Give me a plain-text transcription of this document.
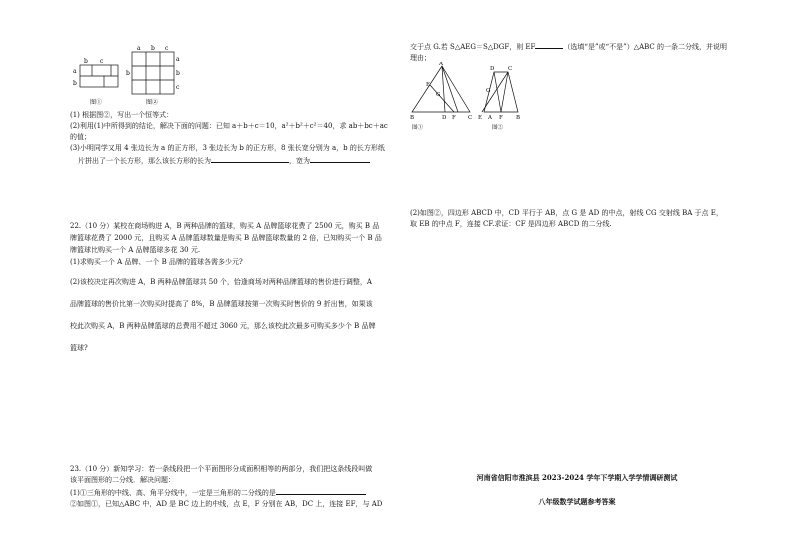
a
b c
b
图①
a b c
a
b
c
b
图②

(1) 根据图②，写出一个恒等式：

(2)利用(1)中所得到的结论，解决下面的问题：已知 a＋b＋c＝10，a²＋b²＋c²＝40，求 ab＋bc＋ac

的值；

(3)小明同学又用 4 张边长为 a 的正方形，3 张边长为 b 的正方形，8 张长宽分别为 a，b 的长方形纸

片拼出了一个长方形，那么该长方形的长为	，宽为

22.（10 分）某校在商场购进 A，B 两种品牌的篮球，购买 A 品牌篮球花费了 2500 元，购买 B 品

牌篮球花费了 2000 元，且购买 A 品牌篮球数量是购买 B 品牌篮球数量的 2 倍，已知购买一个 B 品

牌篮球比购买一个 A 品牌篮球多花 30 元.

(1)求购买一个 A 品牌、一个 B 品牌的篮球各需多少元?

(2)该校决定再次购进 A，B 两种品牌篮球共 50 个，恰逢商场对两种品牌篮球的售价进行调整，A

品牌篮球的售价比第一次购买时提高了 8%，B 品牌篮球按第一次购买时售价的 9 折出售，如果该

校此次购买 A，B 两种品牌篮球的总费用不超过 3060 元，那么该校此次最多可购买多少个 B 品牌

篮球?

23.（10 分）新知学习：若一条线段把一个平面图形分成面积相等的两部分，我们把这条线段叫做

该平面图形的二分线．解决问题：

(1)①三角形的中线、高、角平分线中，一定是三角形的二分线的是

②如图①，已知△ABC 中，AD 是 BC 边上的中线，点 E，F 分别在 AB，DC 上，连接 EF，与 AD

交于点 G.若 S△AEG＝S△DGF，则 EF	（选填“是”或“不是”）△ABC 的一条二分线，并说明

理由；

A
E
G
B	D F C
图①
D C
G
E A F B
图②

(2)如图②，四边形 ABCD 中，CD 平行于 AB，点 G 是 AD 的中点，射线 CG 交射线 BA 于点 E，

取 EB 的中点 F，连接 CF.求证：CF 是四边形 ABCD 的二分线.

河南省信阳市淮滨县 2023-2024 学年下学期入学学情调研测试

八年级数学试题参考答案
